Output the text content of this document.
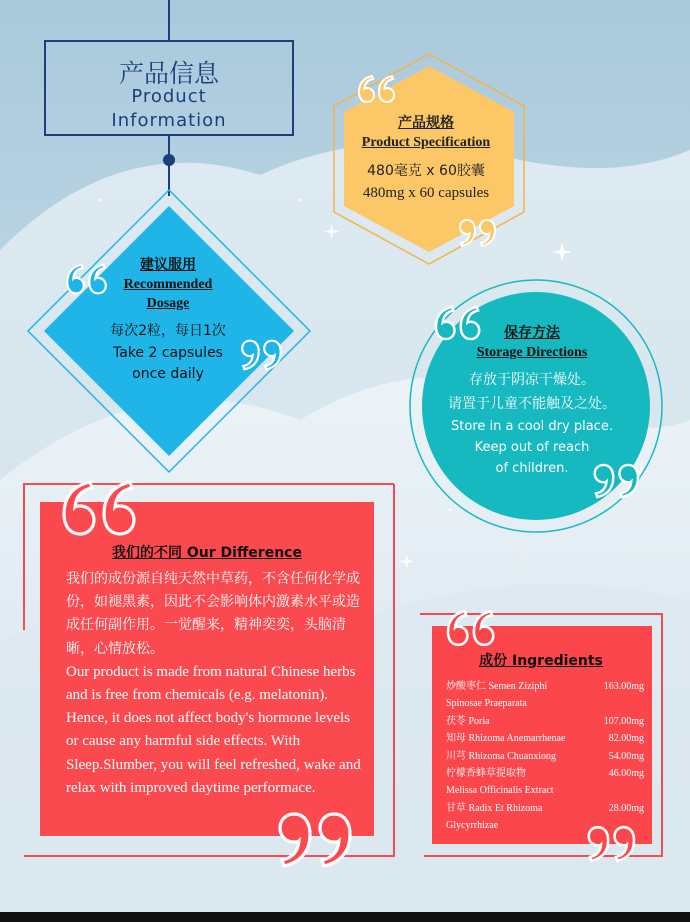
产品信息
Product
Information	产品规格
Product Specification
480毫克 x 60胶囊
480mg x 60 capsules
建议服用
Recommended
Dosage
每次2粒，每日1次
Take 2 capsules
once daily
保存方法
Storage Directions
存放于阴凉干燥处。
请置于儿童不能触及之处。
Store in a cool dry place.
Keep out of reach
of children.
我们的不同 Our Difference

我们的成份源自纯天然中草药，不含任何化学成份，如褪黑素，因此不会影响体内激素水平或造成任何副作用。一觉醒来，精神奕奕，头脑清晰，心情放松。

Our product is made from natural Chinese herbs and is free from chemicals (e.g. melatonin). Hence, it does not affect body's hormone levels or cause any harmful side effects. With Sleep.Slumber, you will feel refreshed, wake and relax with improved daytime performace.

成份 Ingredients
炒酸枣仁 Semen Ziziphi	163.00mg
Spinosae Praeparata
茯苓 Poria	107.00mg
知母 Rhizoma Anemarrhenae	82.00mg
川芎 Rhizoma Chuanxiong	54.00mg
柠檬香蜂草提取物	46.00mg
Melissa Officinalis Extract
甘草 Radix Et Rhizoma	28.00mg
Glycyrrhizae
